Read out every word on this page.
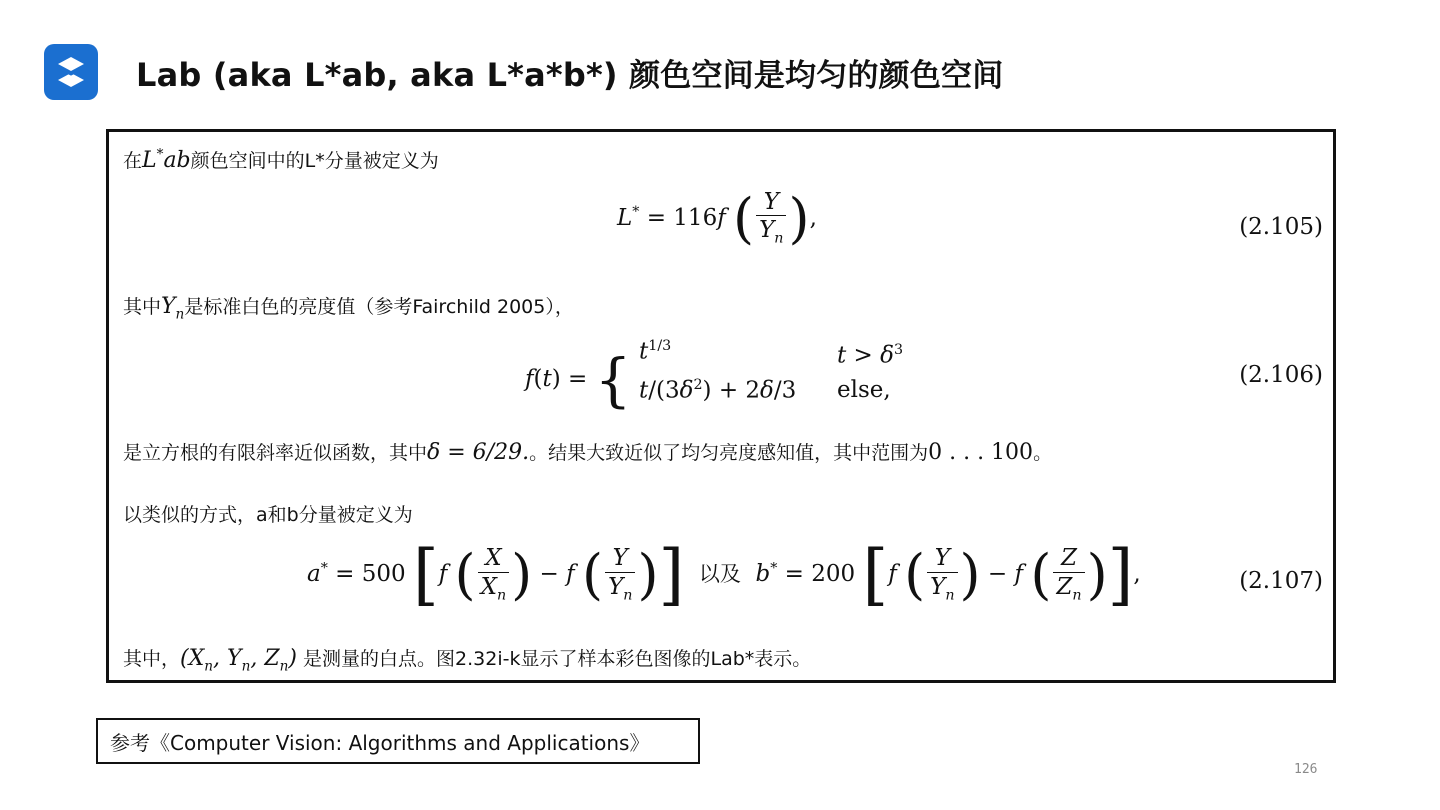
Lab (aka L*ab, aka L*a*b*) 颜色空间是均匀的颜色空间
在L*ab颜色空间中的L*分量被定义为
L* = 116f ( $\frac{Y}{Y_n}$ ),	(2.105)
其中$Y_n$是标准白色的亮度值（参考Fairchild 2005），
f(t) = { $t^{1/3}$
$t/(3\delta^2) + 2\delta/3$
$t > \delta^3$
else,
(2.106)
是立方根的有限斜率近似函数，其中δ = 6/29.。结果大致近似了均匀亮度感知值，其中范围为0 . . . 100。
以类似的方式，a和b分量被定义为
a* = 500 [f ( $\frac{X}{X_n}$ ) − f ( $\frac{Y}{Y_n}$ )] 以及 b* = 200 [f ( $\frac{Y}{Y_n}$ ) − f ( $\frac{Z}{Z_n}$ )],	(2.107)
其中，($X_n$, $Y_n$, $Z_n$) 是测量的白点。图2.32i-k显示了样本彩色图像的Lab*表示。
参考《Computer Vision: Algorithms and Applications》
126
